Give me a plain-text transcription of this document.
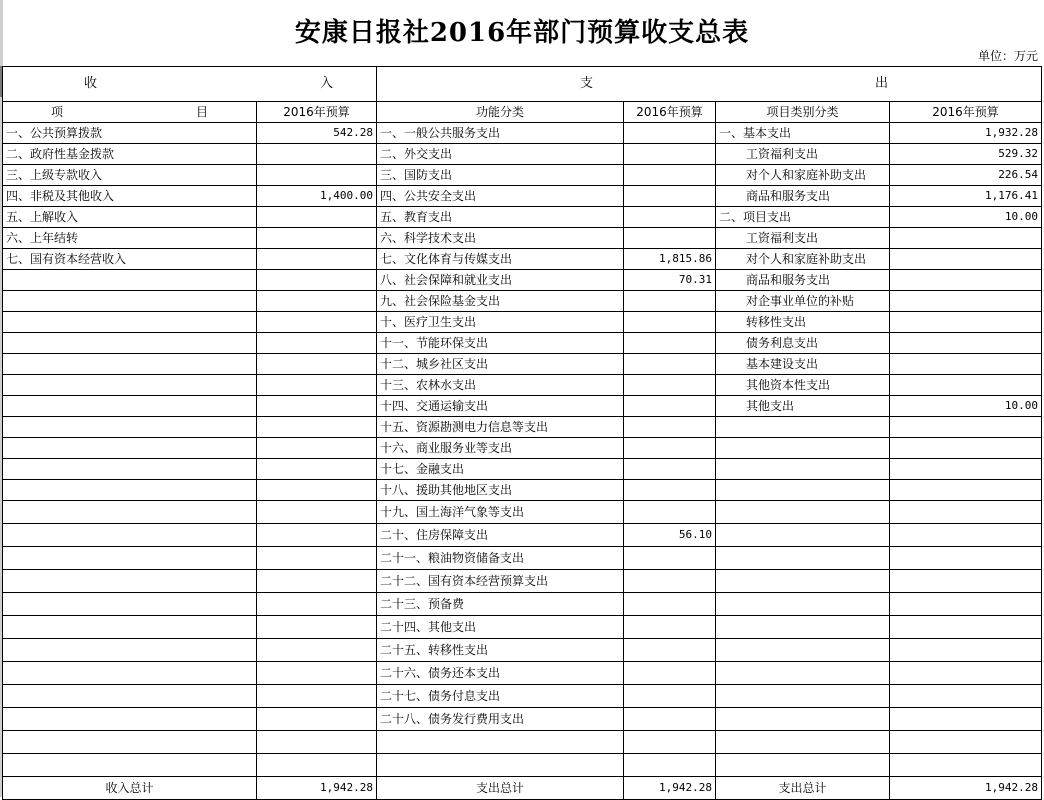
安康日报社2016年部门预算收支总表
单位：万元
收 入		支 出			

项 目	2016年预算	功能分类	2016年预算	项目类别分类	2016年预算
一、公共预算拨款	542.28	一、一般公共服务支出		一、基本支出	1,932.28
二、政府性基金拨款		二、外交支出		工资福利支出	529.32
三、上级专款收入		三、国防支出		对个人和家庭补助支出	226.54
四、非税及其他收入	1,400.00	四、公共安全支出		商品和服务支出	1,176.41
五、上解收入		五、教育支出		二、项目支出	10.00
六、上年结转		六、科学技术支出		工资福利支出	
七、国有资本经营收入		七、文化体育与传媒支出	1,815.86	对个人和家庭补助支出	
		八、社会保障和就业支出	70.31	商品和服务支出	
		九、社会保险基金支出		对企事业单位的补贴	
		十、医疗卫生支出		转移性支出	
		十一、节能环保支出		债务利息支出	
		十二、城乡社区支出		基本建设支出	
		十三、农林水支出		其他资本性支出	
		十四、交通运输支出		其他支出	10.00
		十五、资源勘测电力信息等支出			
		十六、商业服务业等支出			
		十七、金融支出			
		十八、援助其他地区支出			
		十九、国土海洋气象等支出			
		二十、住房保障支出	56.10		
		二十一、粮油物资储备支出			
		二十二、国有资本经营预算支出			
		二十三、预备费			
		二十四、其他支出			
		二十五、转移性支出			
		二十六、债务还本支出			
		二十七、债务付息支出			
		二十八、债务发行费用支出			

收入总计	1,942.28	支出总计	1,942.28	支出总计	1,942.28
